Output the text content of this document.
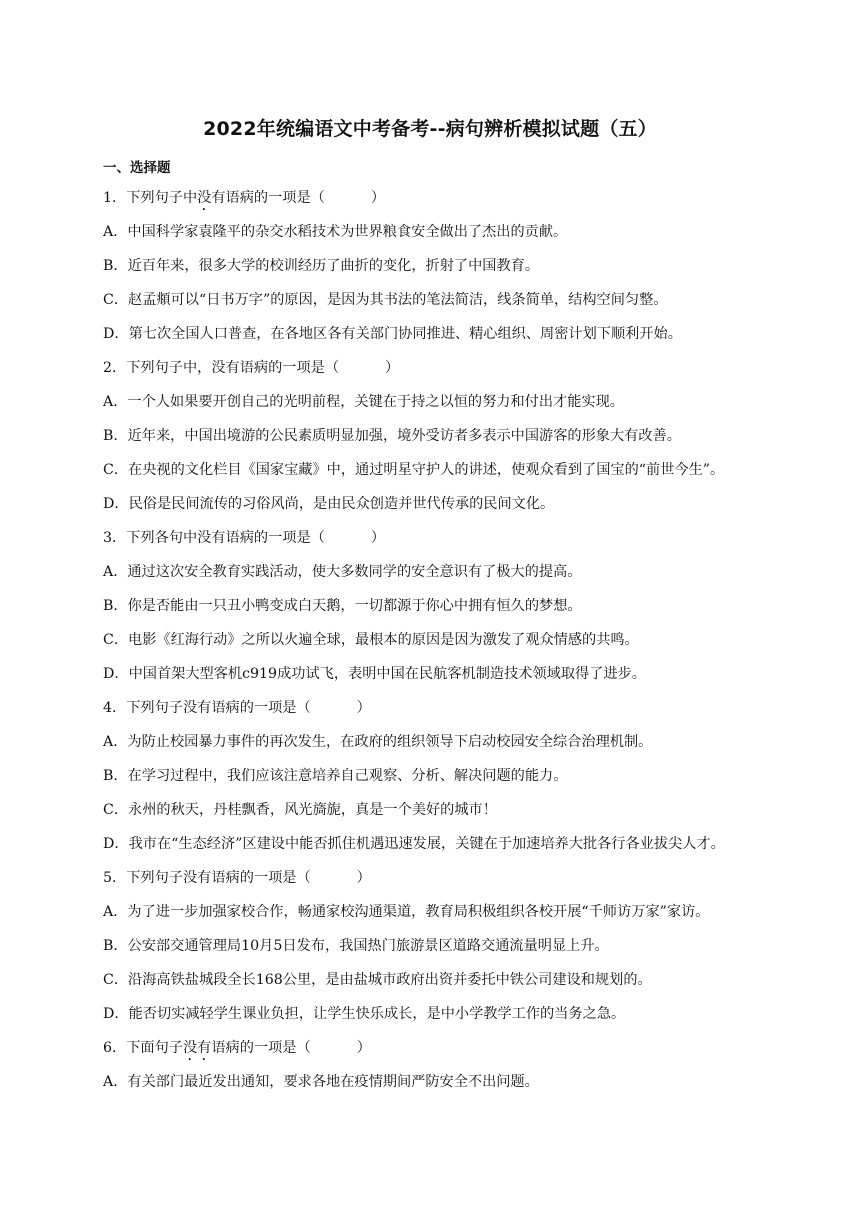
2022年统编语文中考备考--病句辨析模拟试题（五）
一、选择题
1．下列句子中没有语病的一项是（	）
A．中国科学家袁隆平的杂交水稻技术为世界粮食安全做出了杰出的贡献。
B．近百年来，很多大学的校训经历了曲折的变化，折射了中国教育。
C．赵孟頫可以“日书万字”的原因，是因为其书法的笔法简洁，线条简单，结构空间匀整。
D．第七次全国人口普查，在各地区各有关部门协同推进、精心组织、周密计划下顺利开始。
2．下列句子中，没有语病的一项是（	）
A．一个人如果要开创自己的光明前程，关键在于持之以恒的努力和付出才能实现。
B．近年来，中国出境游的公民素质明显加强，境外受访者多表示中国游客的形象大有改善。
C．在央视的文化栏目《国家宝藏》中，通过明星守护人的讲述，使观众看到了国宝的“前世今生”。
D．民俗是民间流传的习俗风尚，是由民众创造并世代传承的民间文化。
3．下列各句中没有语病的一项是（	）
A．通过这次安全教育实践活动，使大多数同学的安全意识有了极大的提高。
B．你是否能由一只丑小鸭变成白天鹅，一切都源于你心中拥有恒久的梦想。
C．电影《红海行动》之所以火遍全球，最根本的原因是因为激发了观众情感的共鸣。
D．中国首架大型客机c919成功试飞，表明中国在民航客机制造技术领域取得了进步。
4．下列句子没有语病的一项是（	）
A．为防止校园暴力事件的再次发生，在政府的组织领导下启动校园安全综合治理机制。
B．在学习过程中，我们应该注意培养自己观察、分析、解决问题的能力。
C．永州的秋天，丹桂飘香，风光旖旎，真是一个美好的城市！
D．我市在“生态经济”区建设中能否抓住机遇迅速发展，关键在于加速培养大批各行各业拔尖人才。
5．下列句子没有语病的一项是（	）
A．为了进一步加强家校合作，畅通家校沟通渠道，教育局积极组织各校开展“千师访万家”家访。
B．公安部交通管理局10月5日发布，我国热门旅游景区道路交通流量明显上升。
C．沿海高铁盐城段全长168公里，是由盐城市政府出资并委托中铁公司建设和规划的。
D．能否切实减轻学生课业负担，让学生快乐成长，是中小学教学工作的当务之急。
6．下面句子没有语病的一项是（	）
A．有关部门最近发出通知，要求各地在疫情期间严防安全不出问题。
